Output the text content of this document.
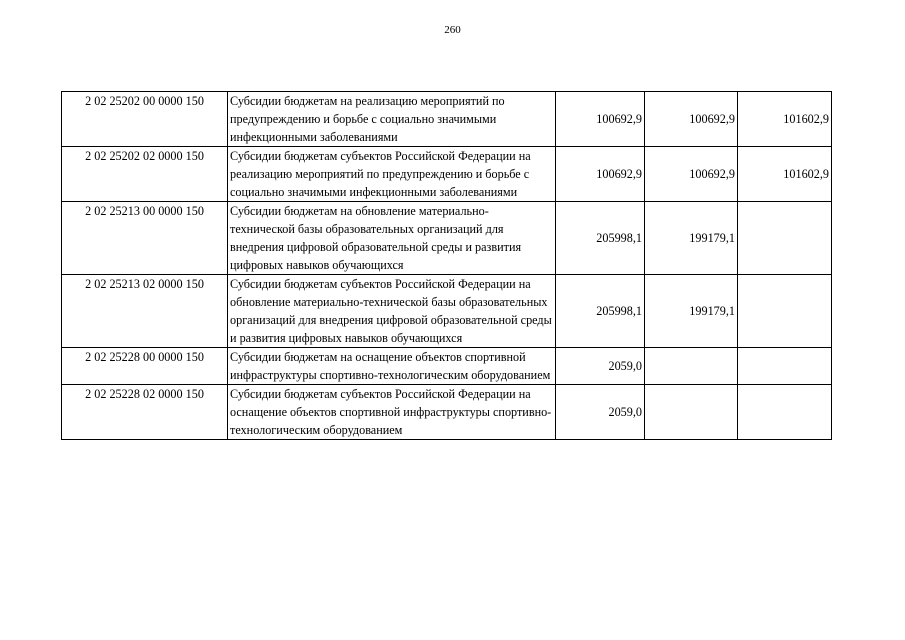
260
2 02 25202 00 0000 150	Субсидии бюджетам на реализацию мероприятий по предупреждению и борьбе с социально значимыми инфекционными заболеваниями	100692,9	100692,9	101602,9
2 02 25202 02 0000 150	Субсидии бюджетам субъектов Российской Федерации на реализацию мероприятий по предупреждению и борьбе с социально значимыми инфекционными заболеваниями	100692,9	100692,9	101602,9
2 02 25213 00 0000 150	Субсидии бюджетам на обновление материально-технической базы образовательных организаций для внедрения цифровой образовательной среды и развития цифровых навыков обучающихся	205998,1	199179,1	
2 02 25213 02 0000 150	Субсидии бюджетам субъектов Российской Федерации на обновление материально-технической базы образовательных организаций для внедрения цифровой образовательной среды и развития цифровых навыков обучающихся	205998,1	199179,1	
2 02 25228 00 0000 150	Субсидии бюджетам на оснащение объектов спортивной инфраструктуры спортивно-технологическим оборудованием	2059,0		
2 02 25228 02 0000 150	Субсидии бюджетам субъектов Российской Федерации на оснащение объектов спортивной инфраструктуры спортивно-технологическим оборудованием	2059,0		
